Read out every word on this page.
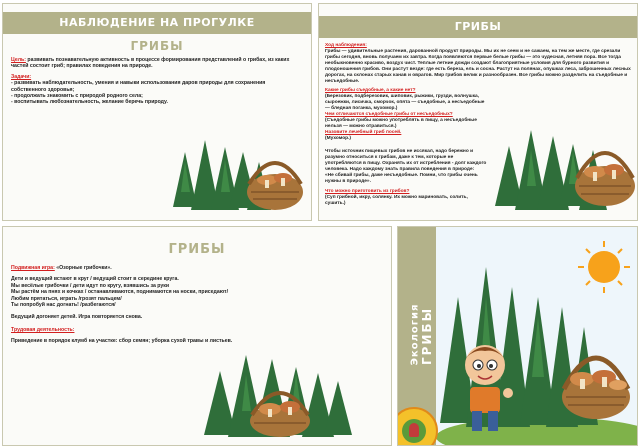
НАБЛЮДЕНИЕ НА ПРОГУЛКЕ
ГРИБЫ
Цель: развивать познавательную активность в процессе формирования представлений о грибах, из каких частей состоит гриб; правилах поведения на природе.
Задачи:
- развивать наблюдательность, умения и навыки использования даров природы для сохранения собственного здоровья;
- продолжать знакомить с природой родного села;
- воспитывать любознательность, желание беречь природу.
ГРИБЫ
Ход наблюдения:
Грибы — удивительные растения, дарованной продукт природы. Мы их не сеем и не сажаем, на тем же месте, где срезали грибы сегодня, вновь получаем их завтра. Когда появляются первые белые грибы — это чудесная, летняя пора. Все тогда необыкновенно красиво, воздух чист. Теплые летние дожди создают благоприятные условия для бурного развития и плодоношения грибов. Они растут везде: где есть береза, ель и сосна. Растут на полянах, опушках леса, заброшенных лесных дорогах, на склонах старых канав и оврагов. Мир грибов велик и разнообразен. Все грибы можно разделить на съедобные и несъедобные.
Какие грибы съедобные, а какие нет?
(Березовик, подберезовик, шиповик, рыжики, грузди, волнушка, сыроежки, лисичка, сморчок, опята — съедобные, а несъедобные — бледная поганка, мухомор.)
Чем отличаются съедобные грибы от несъедобных?
(Съедобные грибы можно употреблять в пищу, а несъедобные нельзя — можно отравиться.)
Назовите лечебный гриб посей.
(Мухомор.)
Чтобы источник пищевых грибов не иссякал, надо бережно и разумно относиться к грибам, даже к тем, которые не употребляются в пищу. Охранять их от истребления - долг каждого человека. Надо каждому знать правила поведения в природе:
«Не сбивай грибы, даже несъедобные. Помни, что грибы очень нужны в природе».
Что можно приготовить из грибов?
(Суп грибной, икру, солянку. Их можно мариновать, солить, сушить.)
ГРИБЫ
Подвижная игра: «Озорные грибочки».
Дети и ведущий встают в круг / ведущий стоит в середине круга.
Мы весёлые грибочки / дети идут по кругу, взявшись за руки
Мы растём на пнях и кочках / останавливаются, поднимаются на носки, приседают/
Любим прятаться, играть /грозят пальцем/
Ты попробуй нас догнать! /разбегаются/
Ведущий догоняет детей. Игра повторяется снова.
Трудовая деятельность:
Приведение в порядок клумб на участке: сбор семян; уборка сухой травы и листьев.	Экология ГРИБЫ
